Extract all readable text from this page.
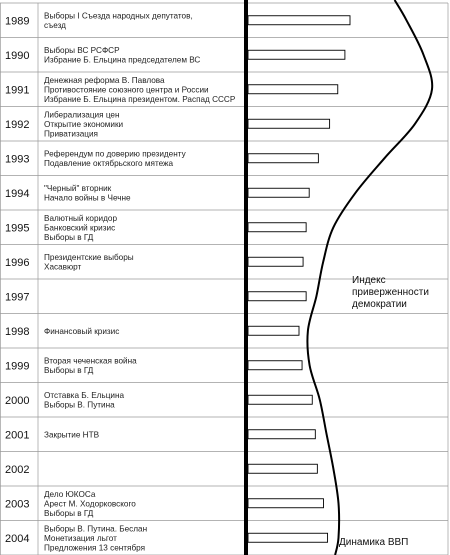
1989
1990
1991
1992
1993
1994
1995
1996
1997
1998
1999
2000
2001
2002
2003
2004
Выборы I Съезда народных депутатов,
съезд
Выборы ВС РСФСР
Избрание Б. Ельцина председателем ВС
Денежная реформа В. Павлова
Противостояние союзного центра и России
Избрание Б. Ельцина президентом. Распад СССР
Либерализация цен
Открытие экономики
Приватизация
Референдум по доверию президенту
Подавление октябрьского мятежа
"Черный" вторник
Начало войны в Чечне
Валютный коридор
Банковский кризис
Выборы в ГД
Президентские выборы
Хасавюрт
Финансовый кризис
Вторая чеченская война
Выборы в ГД
Отставка Б. Ельцина
Выборы В. Путина
Закрытие НТВ
Дело ЮКОСа
Арест М. Ходорковского
Выборы в ГД
Выборы В. Путина. Беслан
Монетизация льгот
Предложения 13 сентября
Индекс
приверженности
демократии
Динамика ВВП
